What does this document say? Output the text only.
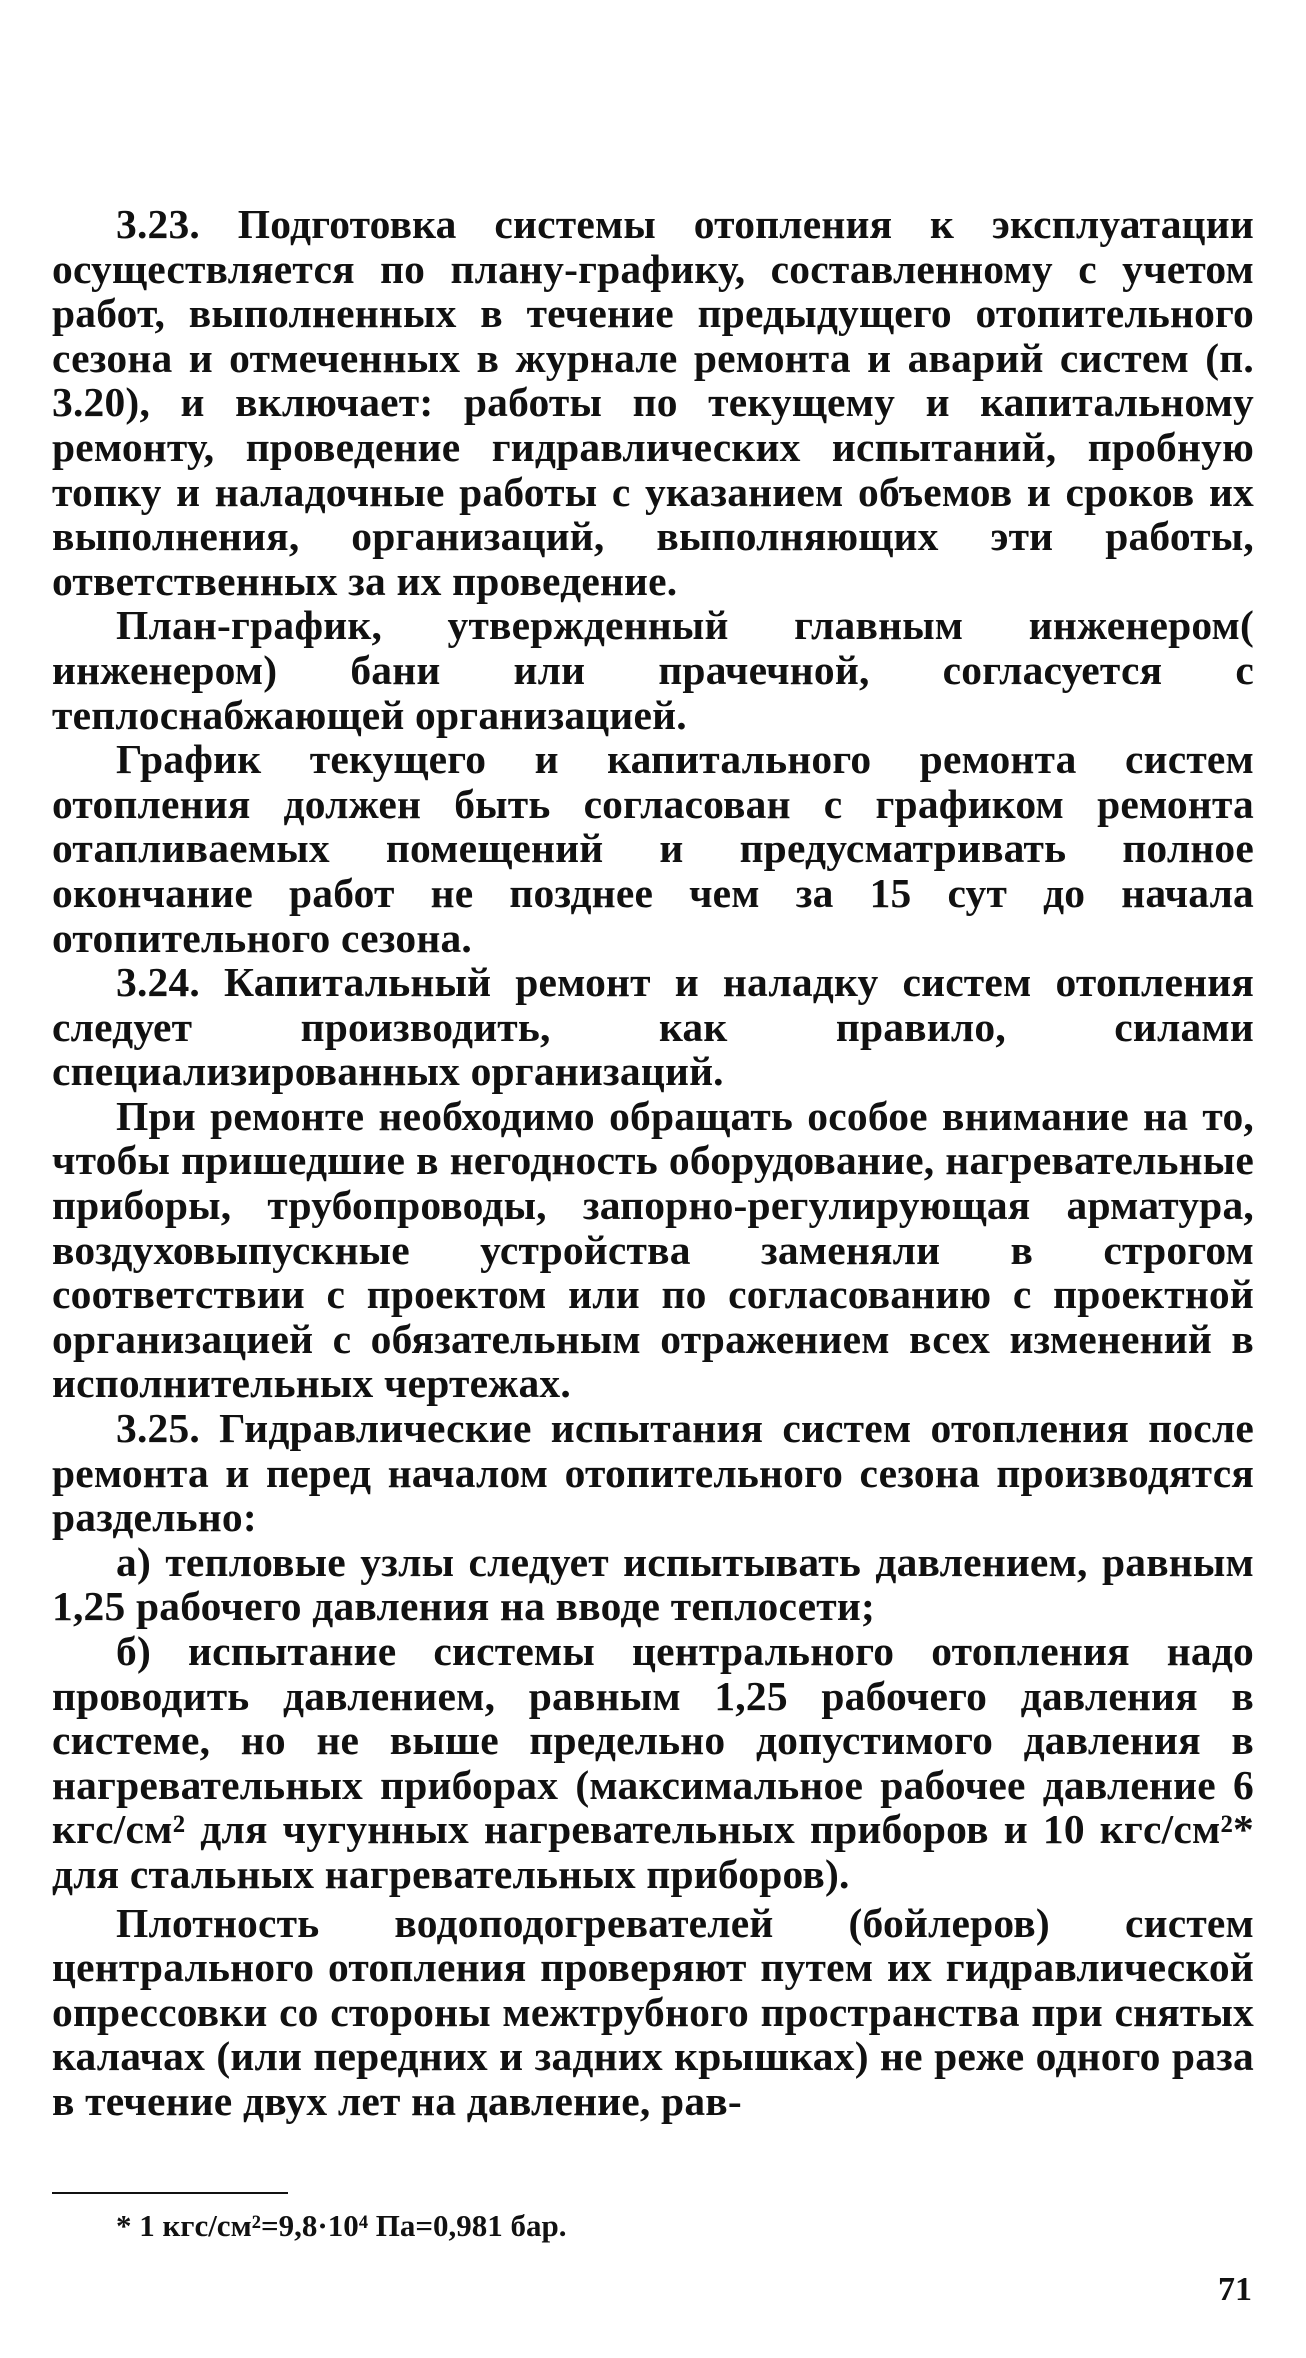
3.23. Подготовка системы отопления к эксплуатации осуществляется по плану-графику, составленному с учетом работ, выполненных в течение предыдущего отопительного сезона и отмеченных в журнале ремонта и аварий систем (п. 3.20), и включает: работы по текущему и капитальному ремонту, проведение гидравлических испытаний, пробную топку и наладочные работы с указанием объемов и сроков их выполнения, организаций, выполняющих эти работы, ответственных за их проведение.

План-график, утвержденный главным инженером( инженером) бани или прачечной, согласуется с теплоснабжающей организацией.

График текущего и капитального ремонта систем отопления должен быть согласован с графиком ремонта отапливаемых помещений и предусматривать полное окончание работ не позднее чем за 15 сут до начала отопительного сезона.

3.24. Капитальный ремонт и наладку систем отопления следует производить, как правило, силами специализированных организаций.

При ремонте необходимо обращать особое внимание на то, чтобы пришедшие в негодность оборудование, нагревательные приборы, трубопроводы, запорно-регулирующая арматура, воздуховыпускные устройства заменяли в строгом соответствии с проектом или по согласованию с проектной организацией с обязательным отражением всех изменений в исполнительных чертежах.

3.25. Гидравлические испытания систем отопления после ремонта и перед началом отопительного сезона производятся раздельно:

а) тепловые узлы следует испытывать давлением, равным 1,25 рабочего давления на вводе теплосети;

б) испытание системы центрального отопления надо проводить давлением, равным 1,25 рабочего давления в системе, но не выше предельно допустимого давления в нагревательных приборах (максимальное рабочее давление 6 кгс/см² для чугунных нагревательных приборов и 10 кгс/см²* для стальных нагревательных приборов).

Плотность водоподогревателей (бойлеров) систем центрального отопления проверяют путем их гидравлической опрессовки со стороны межтрубного пространства при снятых калачах (или передних и задних крышках) не реже одного раза в течение двух лет на давление, рав-

* 1 кгс/см²=9,8·10⁴ Па=0,981 бар.
71
